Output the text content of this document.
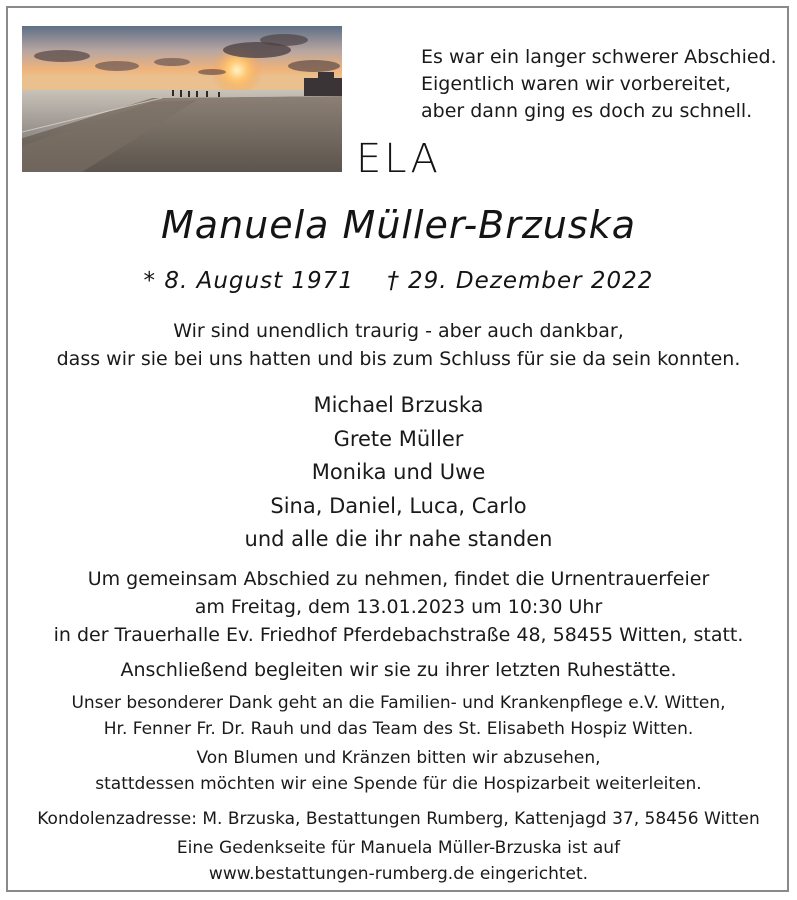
Es war ein langer schwerer Abschied.
Eigentlich waren wir vorbereitet,
aber dann ging es doch zu schnell.
ELA
Manuela Müller-Brzuska
* 8. August 1971 † 29. Dezember 2022
Wir sind unendlich traurig - aber auch dankbar,
dass wir sie bei uns hatten und bis zum Schluss für sie da sein konnten.
Michael Brzuska
Grete Müller
Monika und Uwe
Sina, Daniel, Luca, Carlo
und alle die ihr nahe standen
Um gemeinsam Abschied zu nehmen, findet die Urnentrauerfeier
am Freitag, dem 13.01.2023 um 10:30 Uhr
in der Trauerhalle Ev. Friedhof Pferdebachstraße 48, 58455 Witten, statt.
Anschließend begleiten wir sie zu ihrer letzten Ruhestätte.
Unser besonderer Dank geht an die Familien- und Krankenpflege e.V. Witten,
Hr. Fenner Fr. Dr. Rauh und das Team des St. Elisabeth Hospiz Witten.
Von Blumen und Kränzen bitten wir abzusehen,
stattdessen möchten wir eine Spende für die Hospizarbeit weiterleiten.
Kondolenzadresse: M. Brzuska, Bestattungen Rumberg, Kattenjagd 37, 58456 Witten
Eine Gedenkseite für Manuela Müller-Brzuska ist auf
www.bestattungen-rumberg.de eingerichtet.
